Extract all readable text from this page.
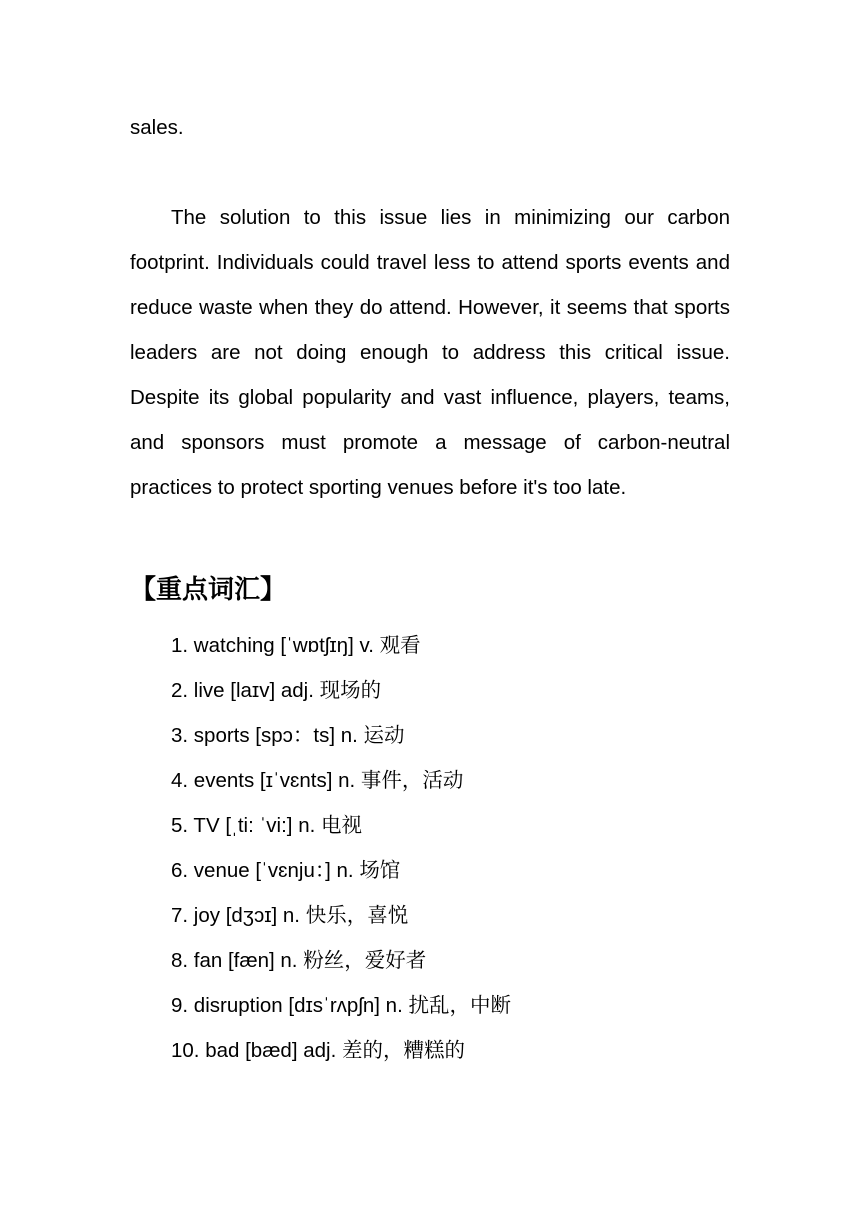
sales.

The solution to this issue lies in minimizing our carbon footprint. Individuals could travel less to attend sports events and reduce waste when they do attend. However, it seems that sports leaders are not doing enough to address this critical issue. Despite its global popularity and vast influence, players, teams, and sponsors must promote a message of carbon-neutral practices to protect sporting venues before it's too late.

【重点词汇】
1. watching [ˈwɒtʃɪŋ] v. 观看
2. live [laɪv] adj. 现场的
3. sports [spɔ：ts] n. 运动
4. events [ɪˈvɛnts] n. 事件，活动
5. TV [ˌti: ˈvi:] n. 电视
6. venue [ˈvɛnju：] n. 场馆
7. joy [dʒɔɪ] n. 快乐，喜悦
8. fan [fæn] n. 粉丝，爱好者
9. disruption [dɪsˈrʌpʃn] n. 扰乱，中断
10. bad [bæd] adj. 差的，糟糕的
